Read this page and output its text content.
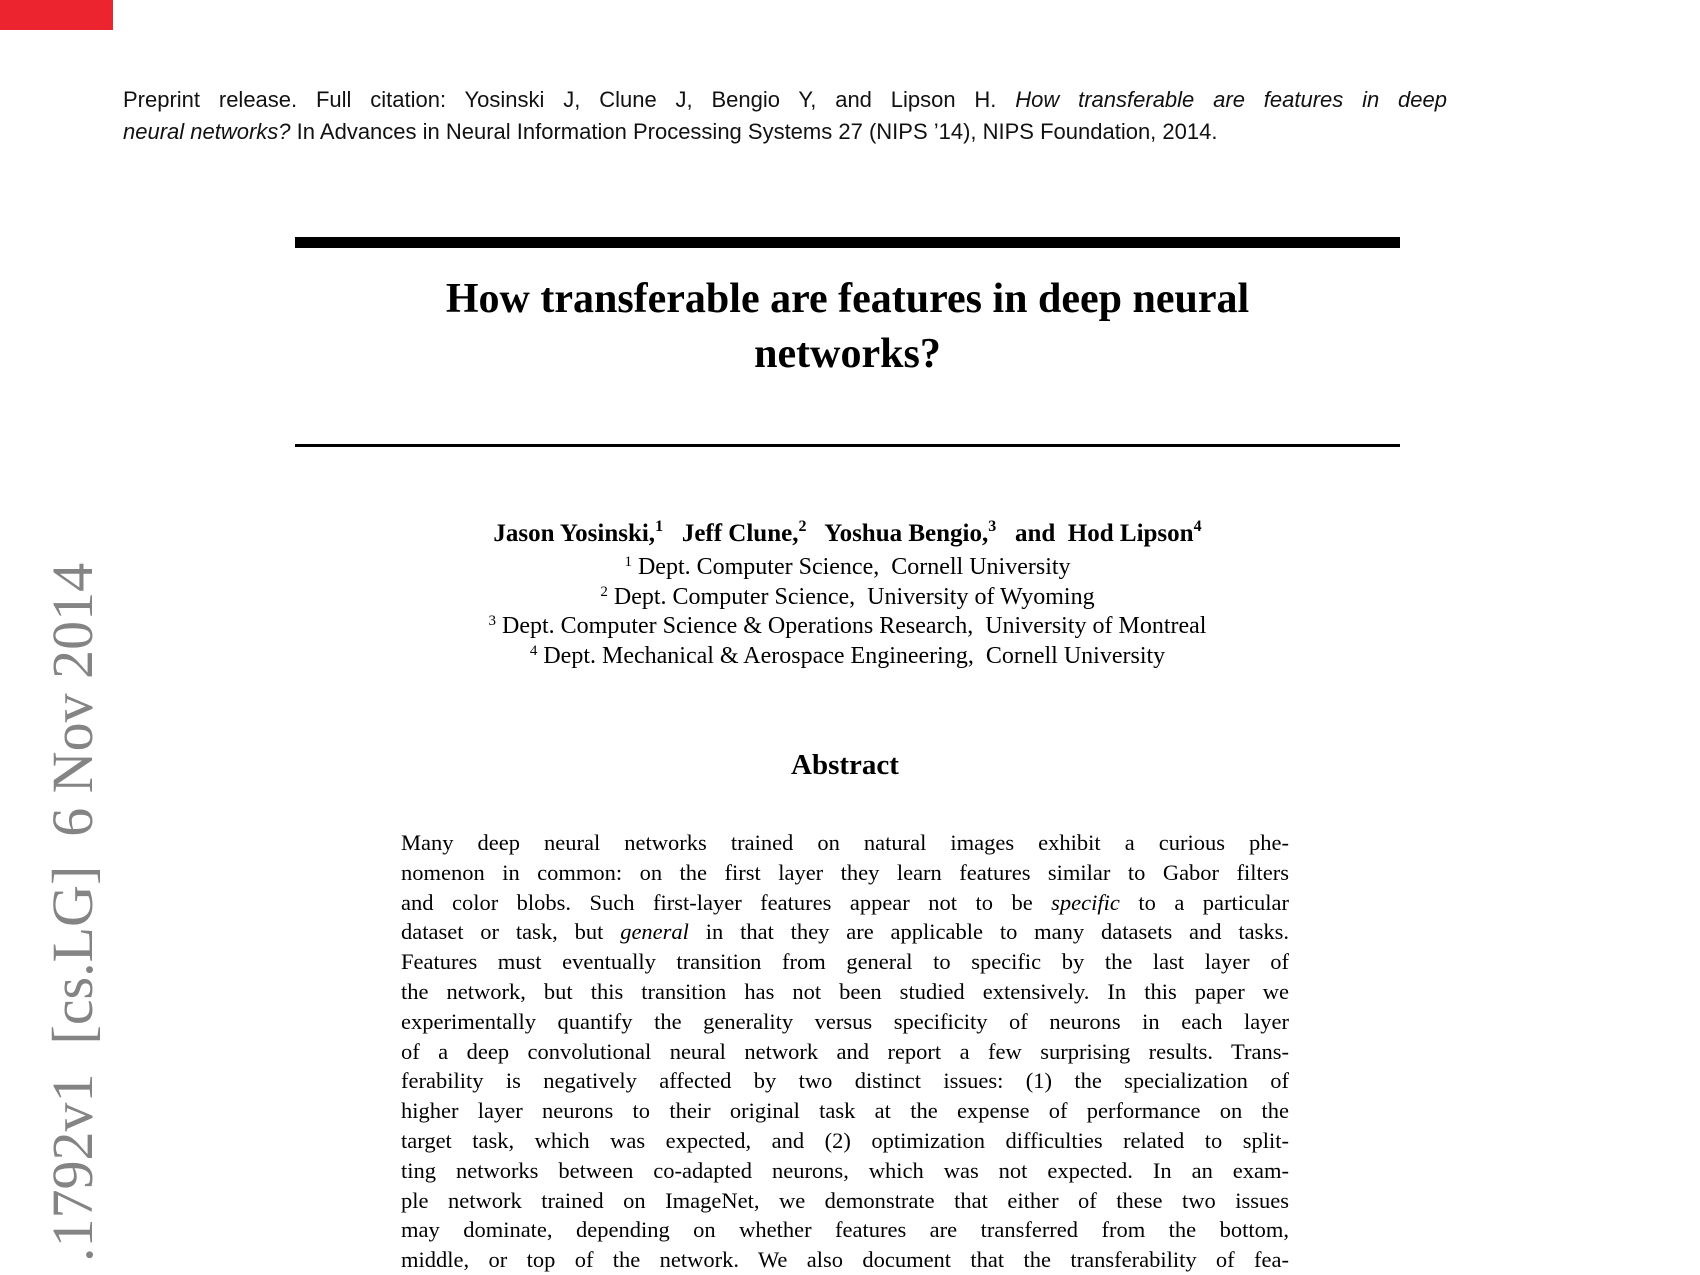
.1792v1  [cs.LG]  6 Nov 2014
Preprint release. Full citation: Yosinski J, Clune J, Bengio Y, and Lipson H. How transferable are features in deep
neural networks? In Advances in Neural Information Processing Systems 27 (NIPS ’14), NIPS Foundation, 2014.
How transferable are features in deep neural
networks?
Jason Yosinski,$^1$ Jeff Clune,$^2$ Yoshua Bengio,$^3$ and  Hod Lipson$^4$
$^1$ Dept. Computer Science,  Cornell University
$^2$ Dept. Computer Science,  University of Wyoming
$^3$ Dept. Computer Science & Operations Research,  University of Montreal
$^4$ Dept. Mechanical & Aerospace Engineering,  Cornell University
Abstract
Many deep neural networks trained on natural images exhibit a curious phe-
nomenon in common: on the first layer they learn features similar to Gabor filters
and color blobs. Such first-layer features appear not to be specific to a particular
dataset or task, but general in that they are applicable to many datasets and tasks.
Features must eventually transition from general to specific by the last layer of
the network, but this transition has not been studied extensively. In this paper we
experimentally quantify the generality versus specificity of neurons in each layer
of a deep convolutional neural network and report a few surprising results. Trans-
ferability is negatively affected by two distinct issues: (1) the specialization of
higher layer neurons to their original task at the expense of performance on the
target task, which was expected, and (2) optimization difficulties related to split-
ting networks between co-adapted neurons, which was not expected. In an exam-
ple network trained on ImageNet, we demonstrate that either of these two issues
may dominate, depending on whether features are transferred from the bottom,
middle, or top of the network. We also document that the transferability of fea-
